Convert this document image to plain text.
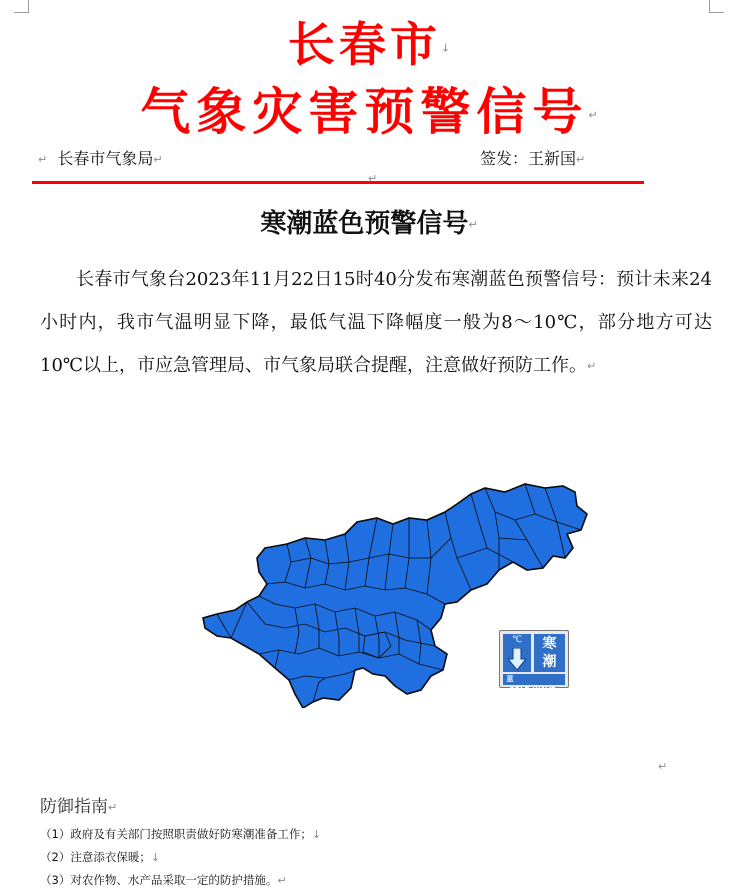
长春市↓
气象灾害预警信号↵
↵ 长春市气象局↵	签发：王新国↵
↵
寒潮蓝色预警信号↵
长春市气象台2023年11月22日15时40分发布寒潮蓝色预警信号：预计未来24小时内，我市气温明显下降，最低气温下降幅度一般为8～10℃，部分地方可达10℃以上，市应急管理局、市气象局联合提醒，注意做好预防工作。↵
℃	寒
潮
蓝COLD WAVE
↵
防御指南↵
（1）政府及有关部门按照职责做好防寒潮准备工作；↓
（2）注意添衣保暖；↓
（3）对农作物、水产品采取一定的防护措施。↵
